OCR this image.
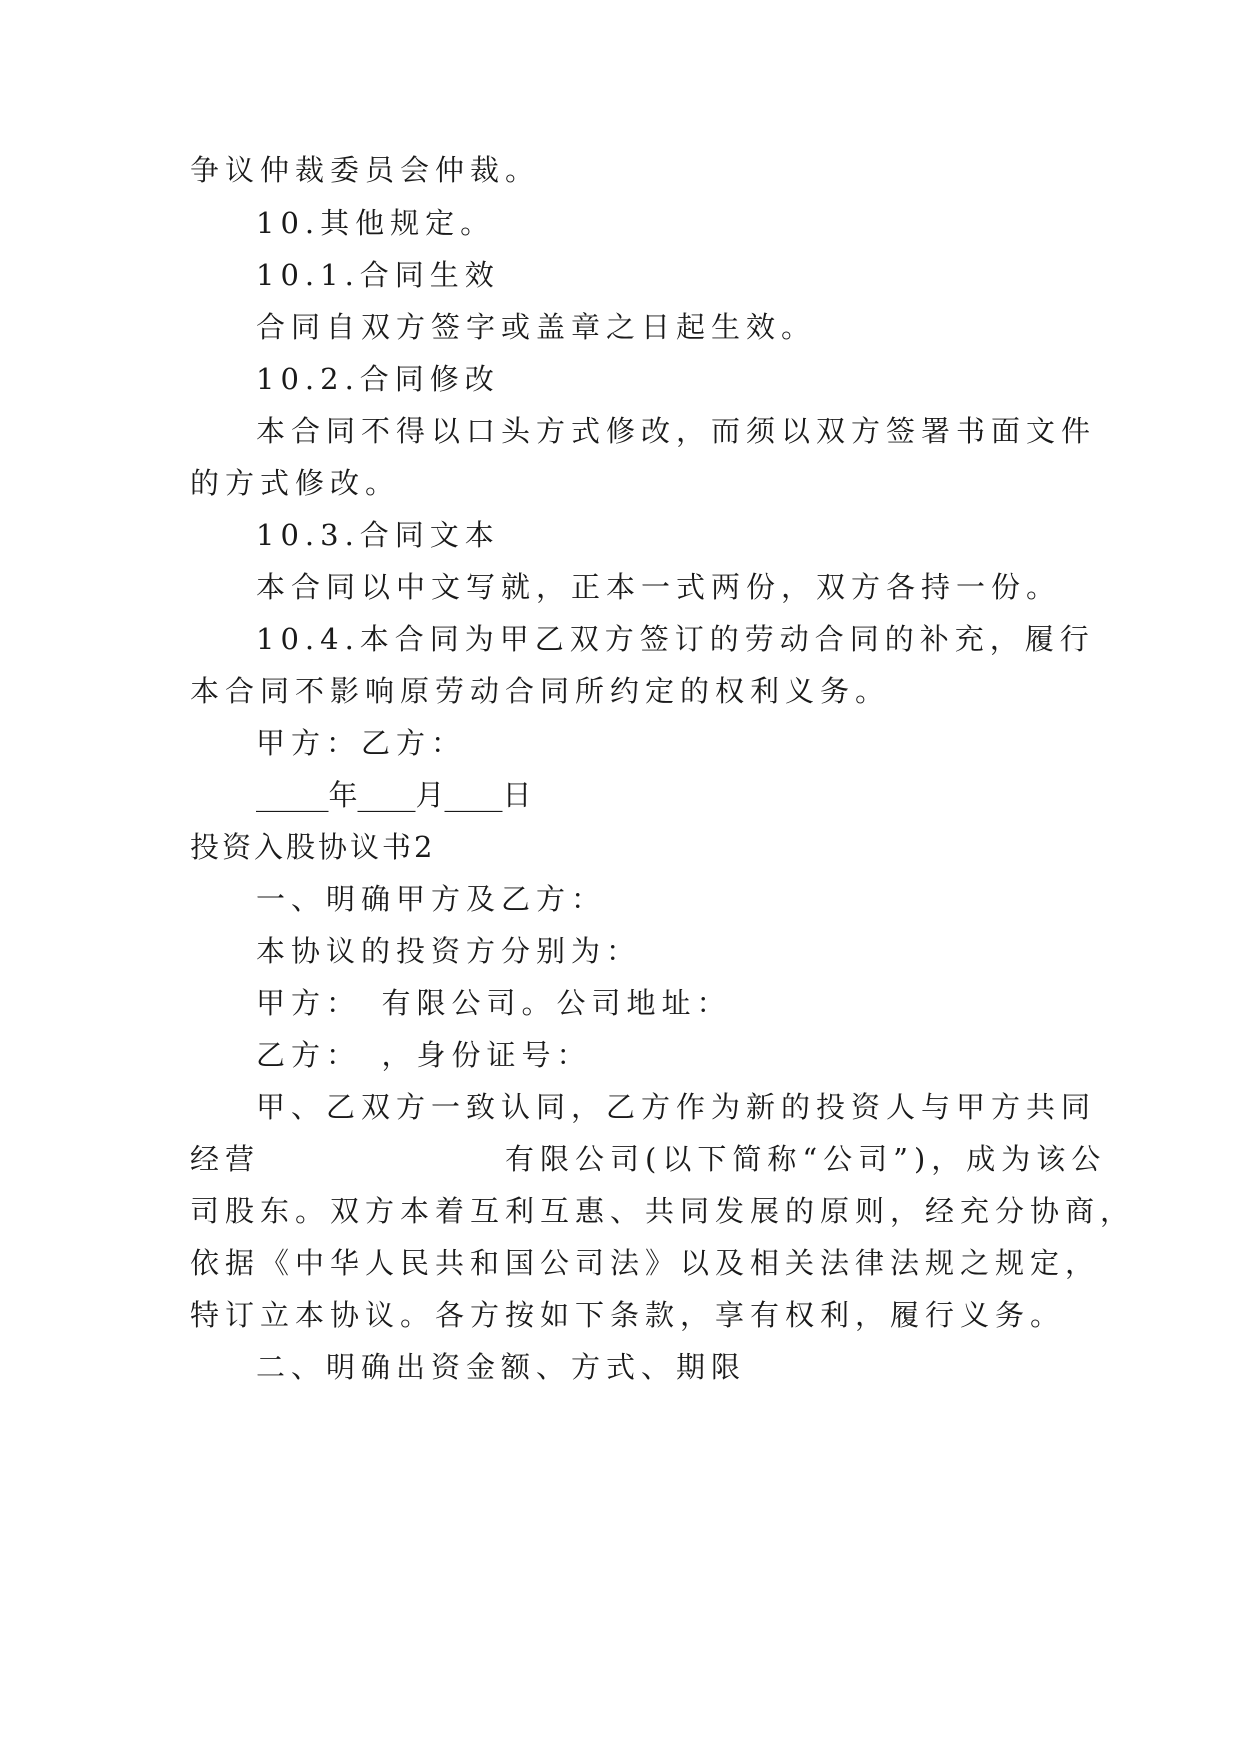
争议仲裁委员会仲裁。
10.其他规定。
10.1.合同生效
合同自双方签字或盖章之日起生效。
10.2.合同修改
本合同不得以口头方式修改，而须以双方签署书面文件
的方式修改。
10.3.合同文本
本合同以中文写就，正本一式两份，双方各持一份。
10.4.本合同为甲乙双方签订的劳动合同的补充，履行
本合同不影响原劳动合同所约定的权利义务。
甲方：乙方：
_____年____月____日
投资入股协议书2
一、明确甲方及乙方：
本协议的投资方分别为：
甲方：　有限公司。公司地址：
乙方：　，身份证号：
甲、乙双方一致认同，乙方作为新的投资人与甲方共同
经营　　　　　　　有限公司(以下简称“公司”)，成为该公
司股东。双方本着互利互惠、共同发展的原则，经充分协商，
依据《中华人民共和国公司法》以及相关法律法规之规定，
特订立本协议。各方按如下条款，享有权利，履行义务。
二、明确出资金额、方式、期限
